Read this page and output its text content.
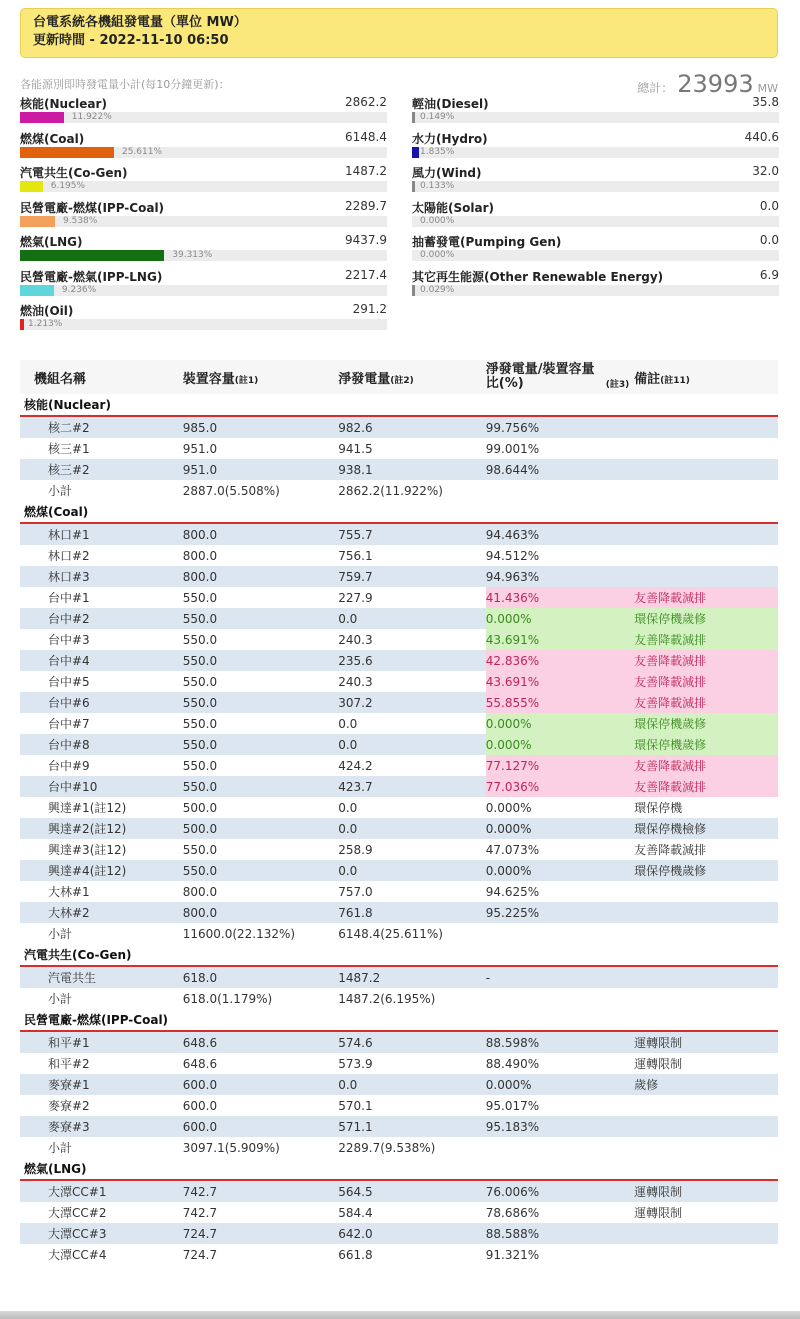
台電系統各機組發電量（單位 MW）
更新時間 - 2022-11-10 06:50
各能源別即時發電量小計(每10分鐘更新)：	總計： 23993 MW
核能(Nuclear)	2862.2
11.922%
燃煤(Coal)	6148.4
25.611%
汽電共生(Co-Gen)	1487.2
6.195%
民營電廠-燃煤(IPP-Coal)	2289.7
9.538%
燃氣(LNG)	9437.9
39.313%
民營電廠-燃氣(IPP-LNG)	2217.4
9.236%
燃油(Oil)	291.2
1.213%
輕油(Diesel)	35.8
0.149%
水力(Hydro)	440.6
1.835%
風力(Wind)	32.0
0.133%
太陽能(Solar)	0.0
0.000%
抽蓄發電(Pumping Gen)	0.0
0.000%
其它再生能源(Other Renewable Energy)	6.9
0.029%
機組名稱	裝置容量(註1)	淨發電量(註2)	淨發電量/裝置容量比(%) (註3)	備註(註11)
核能(Nuclear)				
核二#2	985.0	982.6	99.756%	
核三#1	951.0	941.5	99.001%	
核三#2	951.0	938.1	98.644%	
小計	2887.0(5.508%)	2862.2(11.922%)		
燃煤(Coal)				
林口#1	800.0	755.7	94.463%	
林口#2	800.0	756.1	94.512%	
林口#3	800.0	759.7	94.963%	
台中#1	550.0	227.9	41.436%	友善降載減排
台中#2	550.0	0.0	0.000%	環保停機歲修
台中#3	550.0	240.3	43.691%	友善降載減排
台中#4	550.0	235.6	42.836%	友善降載減排
台中#5	550.0	240.3	43.691%	友善降載減排
台中#6	550.0	307.2	55.855%	友善降載減排
台中#7	550.0	0.0	0.000%	環保停機歲修
台中#8	550.0	0.0	0.000%	環保停機歲修
台中#9	550.0	424.2	77.127%	友善降載減排
台中#10	550.0	423.7	77.036%	友善降載減排
興達#1(註12)	500.0	0.0	0.000%	環保停機
興達#2(註12)	500.0	0.0	0.000%	環保停機檢修
興達#3(註12)	550.0	258.9	47.073%	友善降載減排
興達#4(註12)	550.0	0.0	0.000%	環保停機歲修
大林#1	800.0	757.0	94.625%	
大林#2	800.0	761.8	95.225%	
小計	11600.0(22.132%)	6148.4(25.611%)		
汽電共生(Co-Gen)				
汽電共生	618.0	1487.2	-	
小計	618.0(1.179%)	1487.2(6.195%)		
民營電廠-燃煤(IPP-Coal)				
和平#1	648.6	574.6	88.598%	運轉限制
和平#2	648.6	573.9	88.490%	運轉限制
麥寮#1	600.0	0.0	0.000%	歲修
麥寮#2	600.0	570.1	95.017%	
麥寮#3	600.0	571.1	95.183%	
小計	3097.1(5.909%)	2289.7(9.538%)		
燃氣(LNG)				
大潭CC#1	742.7	564.5	76.006%	運轉限制
大潭CC#2	742.7	584.4	78.686%	運轉限制
大潭CC#3	724.7	642.0	88.588%	
大潭CC#4	724.7	661.8	91.321%	
